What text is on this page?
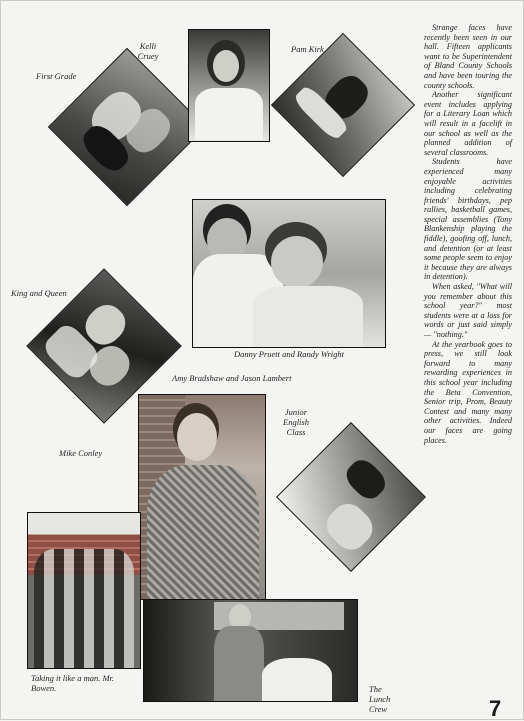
Kelli Cruey
First Grade
Pam Kirk
Danny Pruett and Randy Wright
King and Queen
Amy Bradshaw and Jason Lambert
Mike Conley
Junior English Class
Taking it like a man. Mr. Bowen.	The Lunch Crew

Strange faces have recently been seen in our hall. Fifteen applicants want to be Superintendent of Bland County Schools and have been touring the county schools.

Another significant event includes applying for a Literary Loan which will result in a facelift in our school as well as the planned addition of several classrooms.

Students have experienced many enjoyable activities including celebrating friends' birthdays, pep rallies, basketball games, special assemblies (Tony Blankenship playing the fiddle), goofing off, lunch, and detention (or at least some people seem to enjoy it because they are always in detention).

When asked, "What will you remember about this school year?" most students were at a loss for words or just said simply — "nothing."

At the yearbook goes to press, we still look forward to many rewarding experiences in this school year including the Beta Convention, Senior trip, Prom, Beauty Contest and many many other activities. Indeed our faces are going places.

7
